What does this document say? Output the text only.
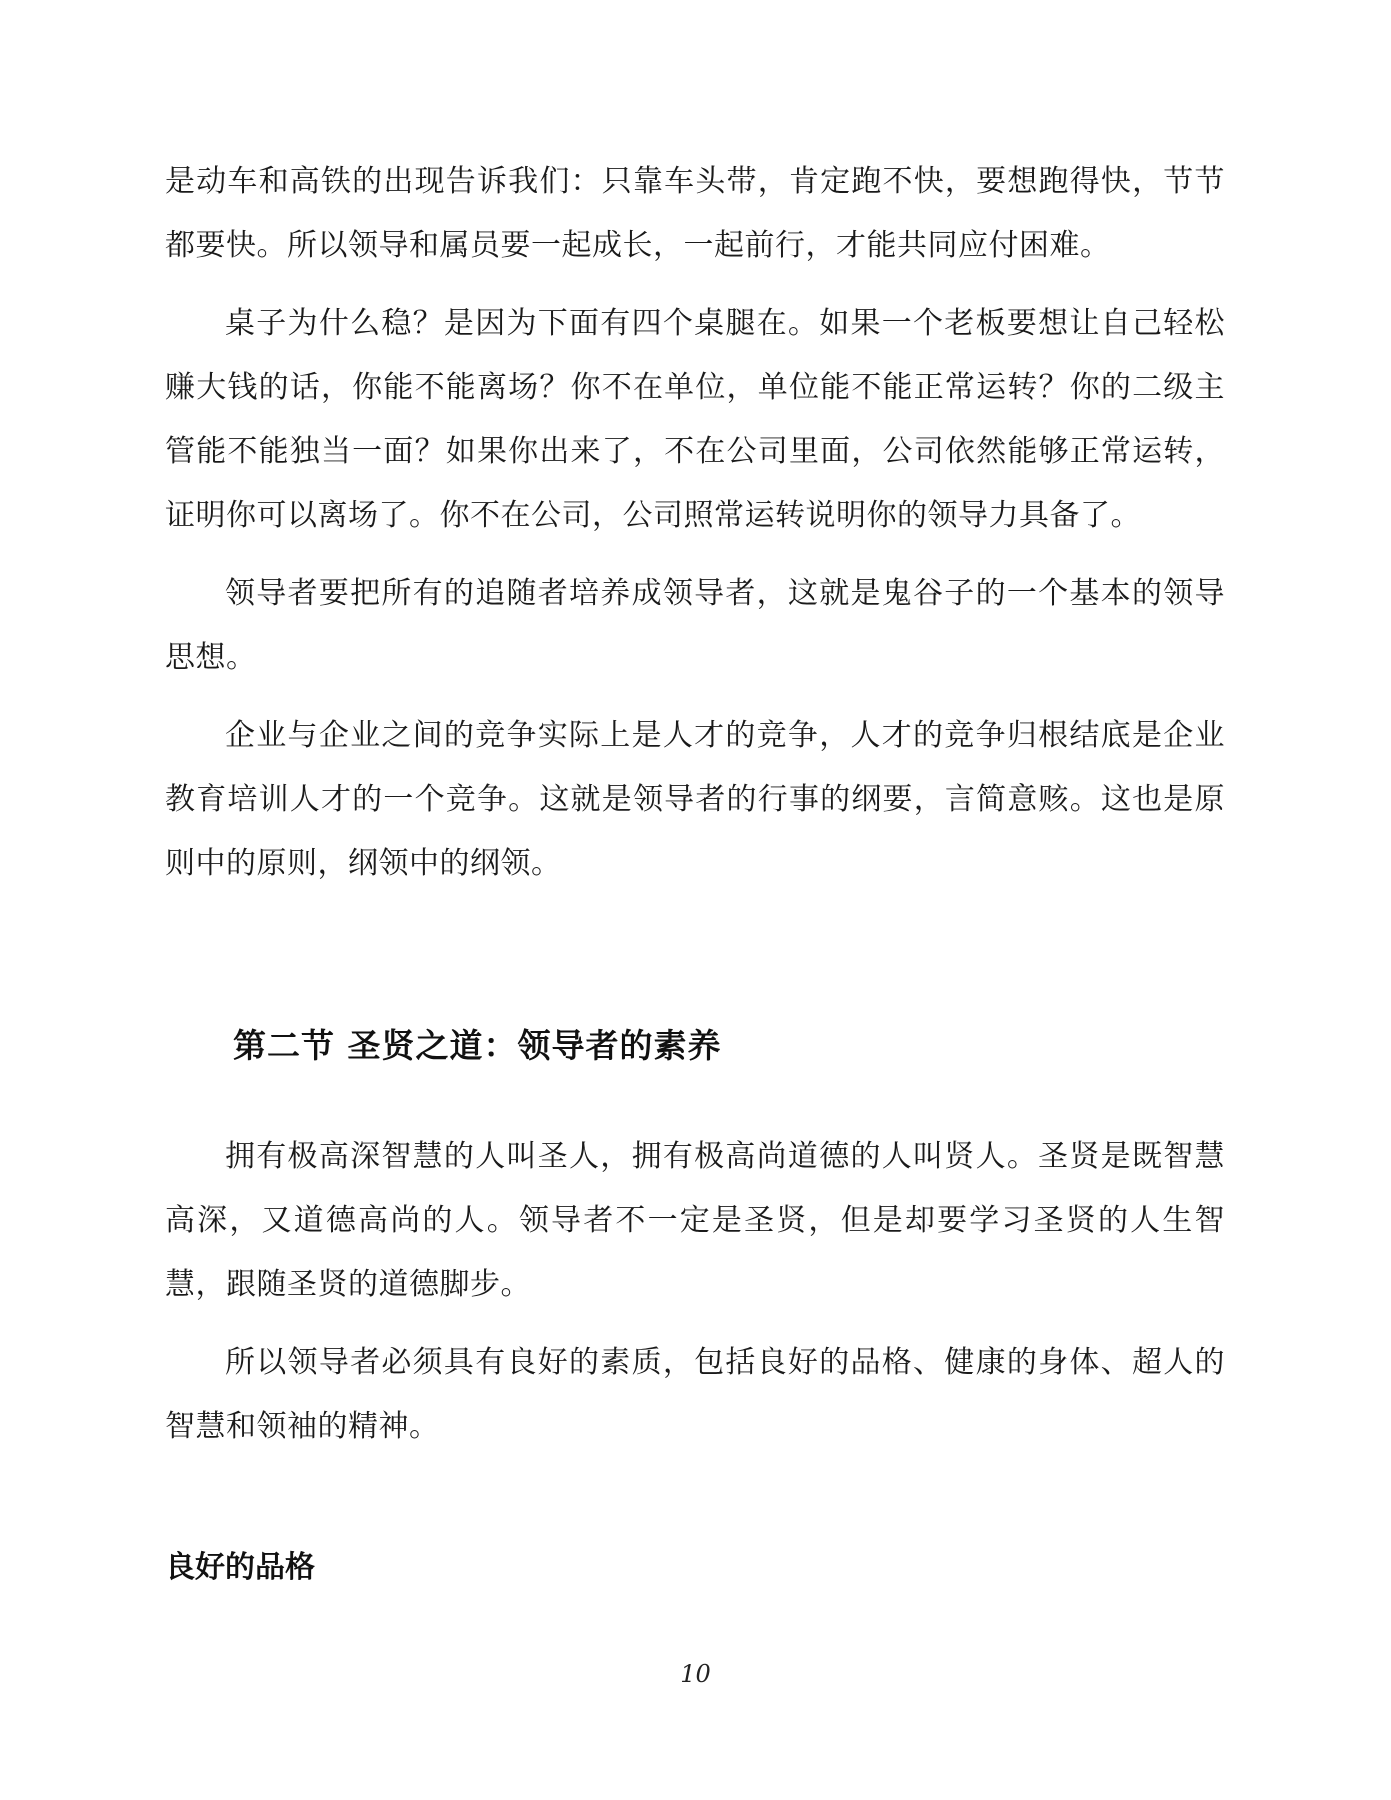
是动车和高铁的出现告诉我们：只靠车头带，肯定跑不快，要想跑得快，节节都要快。所以领导和属员要一起成长，一起前行，才能共同应付困难。

桌子为什么稳？是因为下面有四个桌腿在。如果一个老板要想让自己轻松赚大钱的话，你能不能离场？你不在单位，单位能不能正常运转？你的二级主管能不能独当一面？如果你出来了，不在公司里面，公司依然能够正常运转，证明你可以离场了。你不在公司，公司照常运转说明你的领导力具备了。

领导者要把所有的追随者培养成领导者，这就是鬼谷子的一个基本的领导思想。

企业与企业之间的竞争实际上是人才的竞争，人才的竞争归根结底是企业教育培训人才的一个竞争。这就是领导者的行事的纲要，言简意赅。这也是原则中的原则，纲领中的纲领。

第二节 圣贤之道：领导者的素养

拥有极高深智慧的人叫圣人，拥有极高尚道德的人叫贤人。圣贤是既智慧高深，又道德高尚的人。领导者不一定是圣贤，但是却要学习圣贤的人生智慧，跟随圣贤的道德脚步。

所以领导者必须具有良好的素质，包括良好的品格、健康的身体、超人的智慧和领袖的精神。

良好的品格
10
